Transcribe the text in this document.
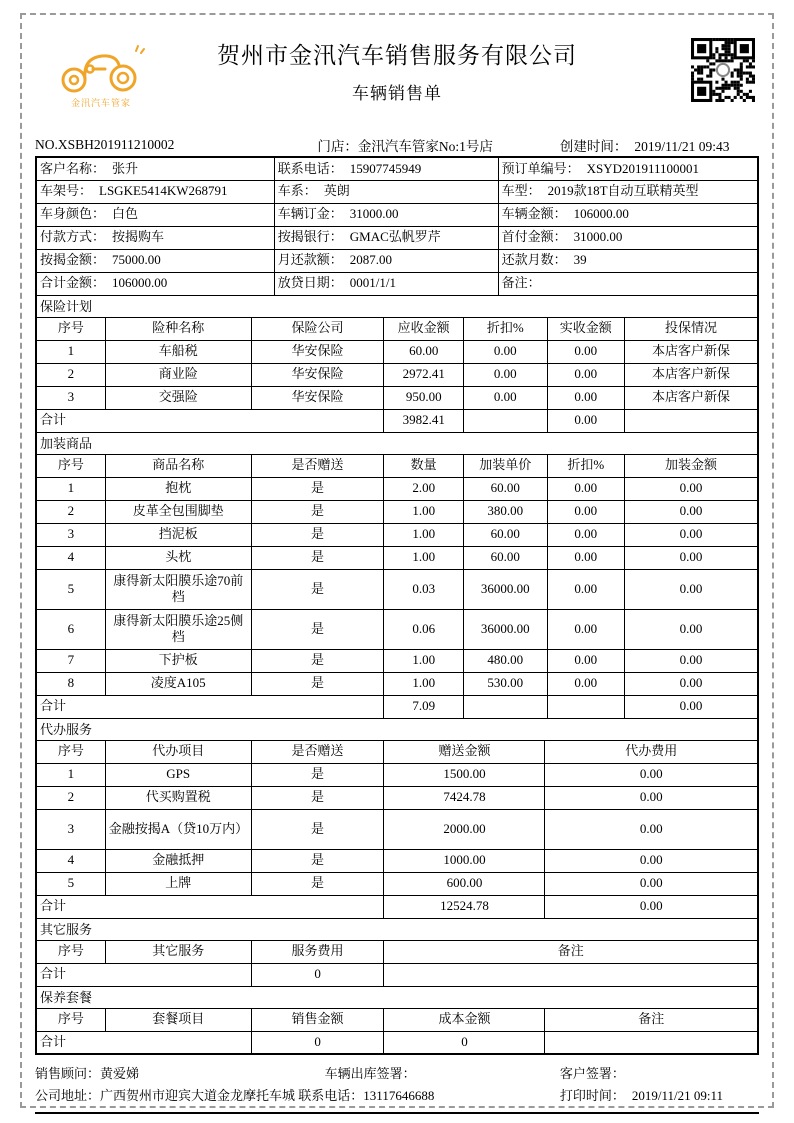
金汛汽车管家
贺州市金汛汽车销售服务有限公司
车辆销售单
NO.XSBH201911210002	门店：金汛汽车管家No:1号店	创建时间： 2019/11/21 09:43
客户名称： 张升	联系电话： 15907745949	预订单编号： XSYD201911100001
车架号： LSGKE5414KW268791	车系： 英朗	车型： 2019款18T自动互联精英型
车身颜色： 白色	车辆订金： 31000.00	车辆金额： 106000.00
付款方式： 按揭购车	按揭银行： GMAC弘帆罗芹	首付金额： 31000.00
按揭金额： 75000.00	月还款额： 2087.00	还款月数： 39
合计金额： 106000.00	放贷日期： 0001/1/1	备注：
保险计划
序号	险种名称	保险公司	应收金额	折扣%	实收金额	投保情况
1	车船税	华安保险	60.00	0.00	0.00	本店客户新保
2	商业险	华安保险	2972.41	0.00	0.00	本店客户新保
3	交强险	华安保险	950.00	0.00	0.00	本店客户新保
合计			3982.41		0.00	
加装商品
序号	商品名称	是否赠送	数量	加装单价	折扣%	加装金额
1	抱枕	是	2.00	60.00	0.00	0.00
2	皮革全包围脚垫	是	1.00	380.00	0.00	0.00
3	挡泥板	是	1.00	60.00	0.00	0.00
4	头枕	是	1.00	60.00	0.00	0.00
5	康得新太阳膜乐途70前档	是	0.03	36000.00	0.00	0.00
6	康得新太阳膜乐途25侧档	是	0.06	36000.00	0.00	0.00
7	下护板	是	1.00	480.00	0.00	0.00
8	凌度A105	是	1.00	530.00	0.00	0.00
合计			7.09			0.00
代办服务
序号	代办项目	是否赠送	赠送金额	代办费用
1	GPS	是	1500.00	0.00
2	代买购置税	是	7424.78	0.00
3	金融按揭A（贷10万内）	是	2000.00	0.00
4	金融抵押	是	1000.00	0.00
5	上牌	是	600.00	0.00
合计			12524.78	0.00
其它服务
序号	其它服务	服务费用	备注
合计		0	
保养套餐
序号	套餐项目	销售金额	成本金额	备注
合计		0	0	
销售顾问：黄爱娣	车辆出库签署：	客户签署：
公司地址：广西贺州市迎宾大道金龙摩托车城 联系电话：13117646688	打印时间： 2019/11/21 09:11
